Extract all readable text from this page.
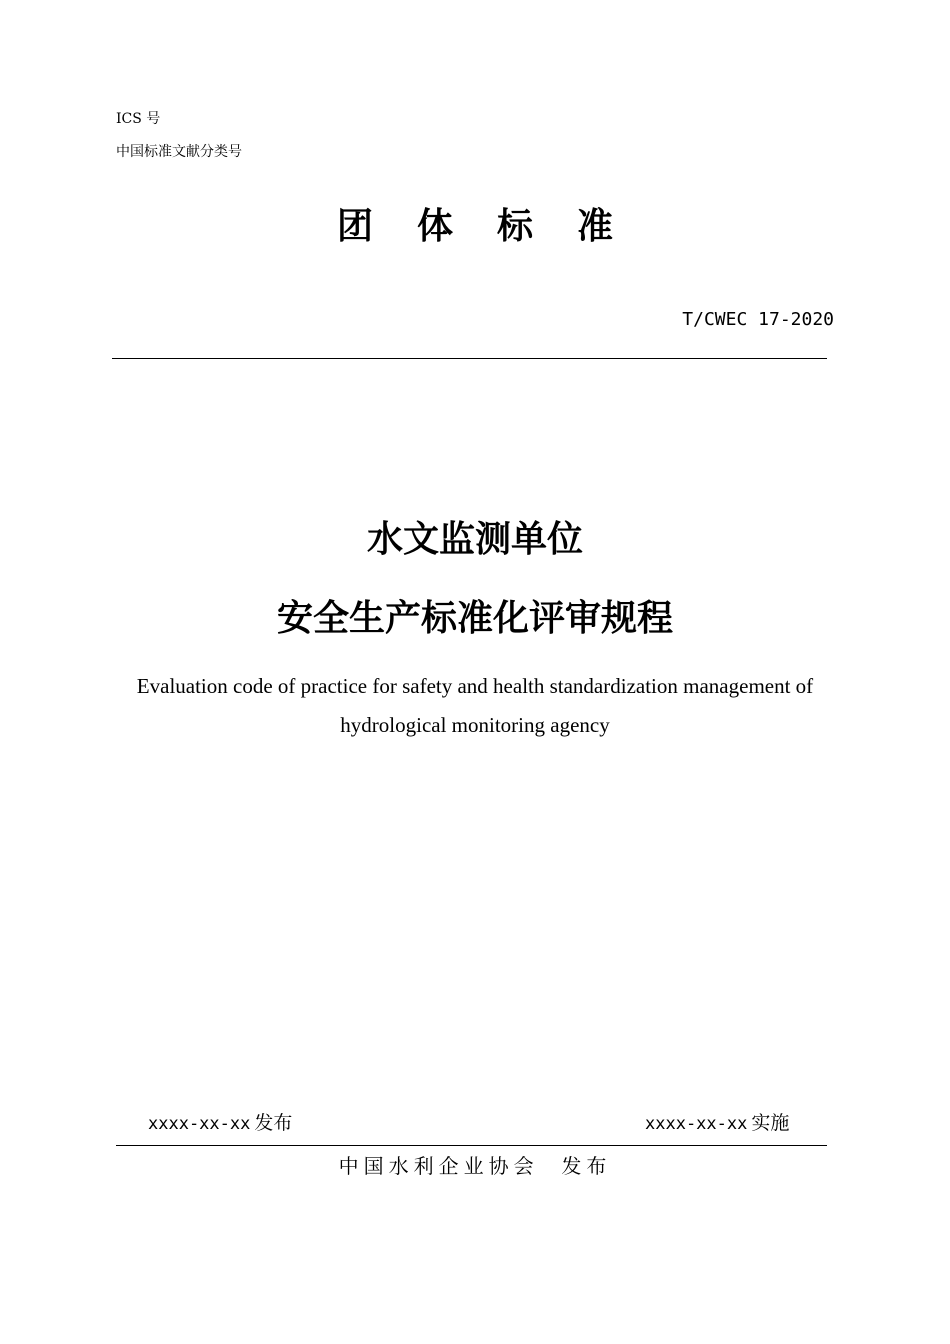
ICS 号
中国标准文献分类号
团体标准
T/CWEC 17-2020
水文监测单位
安全生产标准化评审规程
Evaluation code of practice for safety and health standardization management of
hydrological monitoring agency
xxxx-xx-xx 发布	xxxx-xx-xx 实施
中国水利企业协会 发布
